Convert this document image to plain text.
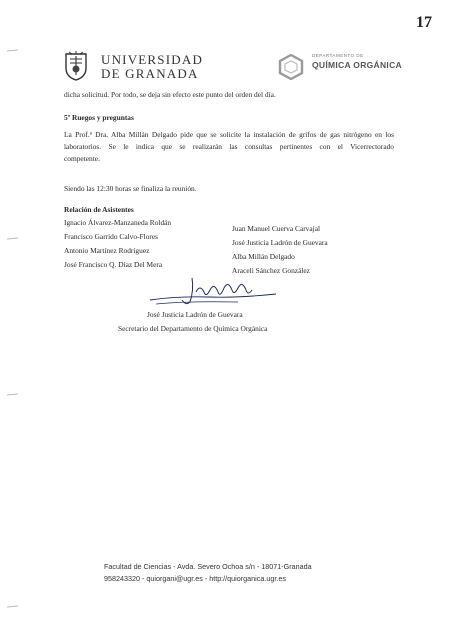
17
UNIVERSIDAD
DE GRANADA
DEPARTAMENTO DE
QUÍMICA ORGÁNICA
dicha solicitud. Por todo, se deja sin efecto este punto del orden del día.
5º Ruegos y preguntas
La Prof.ª Dra. Alba Millán Delgado pide que se solicite la instalación de grifos de gas nitrógeno en los
laboratorios. Se le indica que se realizarán las consultas pertinentes con el Vicerrectorado
competente.
Siendo las 12:30 horas se finaliza la reunión.
Relación de Asistentes
Ignacio Álvarez-Manzaneda Roldán
Francisco Garrido Calvo-Flores
Antonio Martínez Rodríguez
José Francisco Q. Díaz Del Mera
Juan Manuel Cuerva Carvajal
José Justicia Ladrón de Guevara
Alba Millán Delgado
Araceli Sánchez González
José Justicia Ladrón de Guevara
Secretario del Departamento de Química Orgánica
Facultad de Ciencias - Avda. Severo Ochoa s/n - 18071-Granada
958243320 - quiorgani@ugr.es - http://quiorganica.ugr.es
